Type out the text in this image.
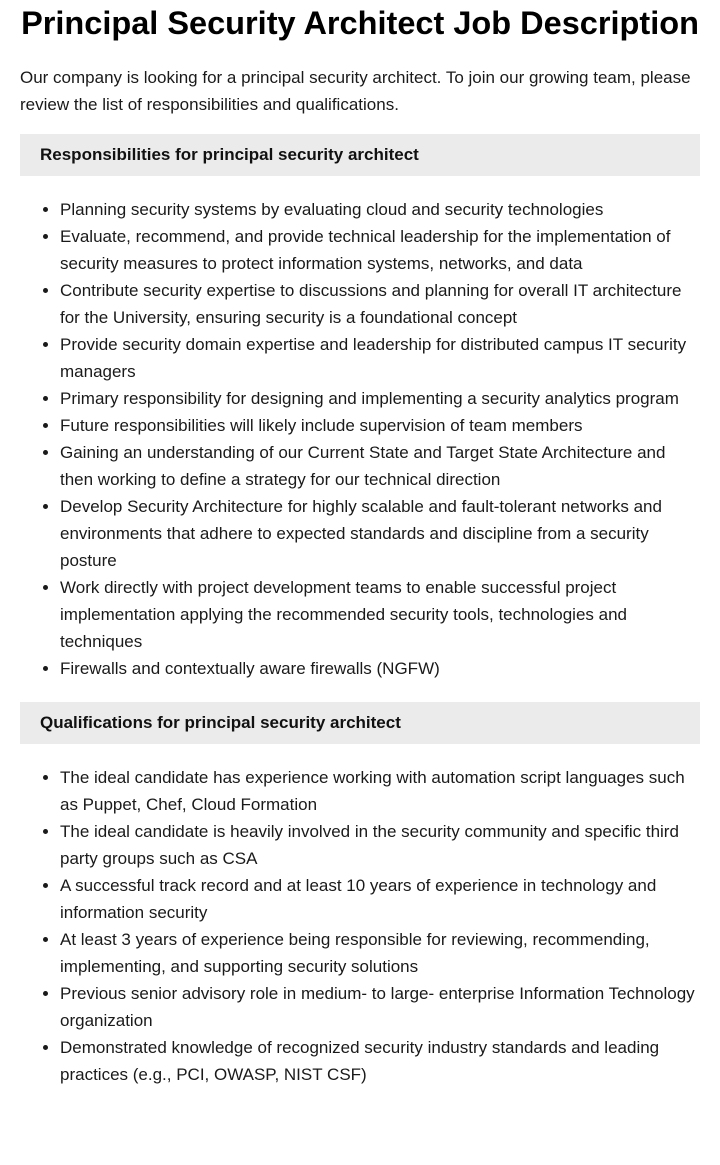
Principal Security Architect Job Description

Our company is looking for a principal security architect. To join our growing team, please review the list of responsibilities and qualifications.

Responsibilities for principal security architect
• Planning security systems by evaluating cloud and security technologies
• Evaluate, recommend, and provide technical leadership for the implementation of security measures to protect information systems, networks, and data
• Contribute security expertise to discussions and planning for overall IT architecture for the University, ensuring security is a foundational concept
• Provide security domain expertise and leadership for distributed campus IT security managers
• Primary responsibility for designing and implementing a security analytics program
• Future responsibilities will likely include supervision of team members
• Gaining an understanding of our Current State and Target State Architecture and then working to define a strategy for our technical direction
• Develop Security Architecture for highly scalable and fault-tolerant networks and environments that adhere to expected standards and discipline from a security posture
• Work directly with project development teams to enable successful project implementation applying the recommended security tools, technologies and techniques
• Firewalls and contextually aware firewalls (NGFW)
Qualifications for principal security architect
• The ideal candidate has experience working with automation script languages such as Puppet, Chef, Cloud Formation
• The ideal candidate is heavily involved in the security community and specific third party groups such as CSA
• A successful track record and at least 10 years of experience in technology and information security
• At least 3 years of experience being responsible for reviewing, recommending, implementing, and supporting security solutions
• Previous senior advisory role in medium- to large- enterprise Information Technology organization
• Demonstrated knowledge of recognized security industry standards and leading practices (e.g., PCI, OWASP, NIST CSF)
